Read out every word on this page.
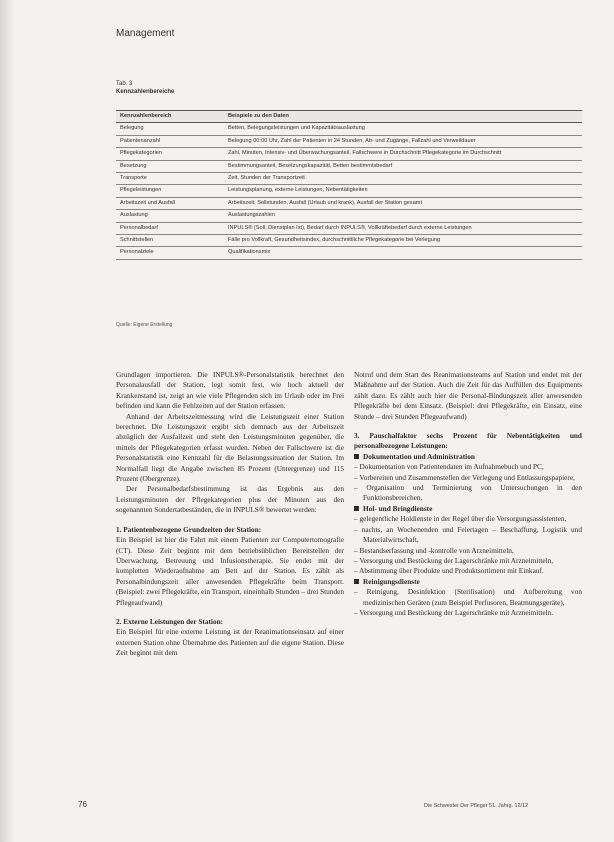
Management
Tab. 3
Kennzahlenbereiche
Kennzahlenbereich	Beispiele zu den Daten
Belegung	Betten, Belegungsleistungen und Kapazitätsauslastung
Patientenanzahl	Belegung 00:00 Uhr, Zahl der Patienten in 24 Stunden, Ab- und Zugänge, Fallzahl und Verweildauer
Pflegekategorien	Zahl, Minuten, Intensiv- und Überwachungsanteil, Fallschwere in Durchschnitt Pflegekategorie im Durchschnitt
Besetzung	Bestimmungsanteil, Besetzungskapazität, Betten bestimmtsbedarf
Transporte	Zeit, Stunden der Transportzeit
Pflegeleistungen	Leistungsplanung, externe Leistungen, Nebentätigkeiten
Arbeitszeit und Ausfall	Arbeitszeit, Sollstunden, Ausfall (Urlaub und krank), Ausfall der Station gesamt
Auslastung	Auslastungszahlen
Personalbedarf	INPULS® (Soll, Dienstplan Ist), Bedarf durch INPULS®, Vollkräftebedarf durch externe Leistungen
Schnittstellen	Fälle pro Vollkraft, Gesundheitsindex, durchschnittliche Pflegekategorie bei Verlegung
Personalziele	Qualifikationsmix
Quelle: Eigene Erstellung

Grundlagen importieren. Die INPULS®-Personalstatistik berechnet den Personalausfall der Station, legt somit fest, wie hoch aktuell der Krankenstand ist, zeigt an wie viele Pflegenden sich im Urlaub oder im Frei befinden und kann die Fehlzeiten auf der Station erfassen.

Anhand der Arbeitszeitmessung wird die Leistungszeit einer Station berechnet. Die Leistungszeit ergibt sich demnach aus der Arbeitszeit abzüglich der Ausfallzeit und steht den Leistungsminuten gegenüber, die mittels der Pflegekategorien erfasst wurden. Neben der Fallschwere ist die Personalstatistik eine Kennzahl für die Belastungssituation der Station. Im Normalfall liegt die Angabe zwischen 85 Prozent (Untergrenze) und 115 Prozent (Obergrenze).

Der Personalbedarfsbestimmung ist das Ergebnis aus den Leistungsminuten der Pflegekategorien plus der Minuten aus den sogenannten Sondertatbeständen, die in INPULS® bewertet werden:

1. Patientenbezogene Grundzeiten der Station:

Ein Beispiel ist hier die Fahrt mit einem Patienten zur Computertomografie (CT). Diese Zeit beginnt mit dem betriebsüblichen Bereitstellen der Überwachung, Betreuung und Infusionstherapie. Sie endet mit der kompletten Wiederaufnahme am Bett auf der Station. Es zählt als Personalbindungszeit aller anwesenden Pflegekräfte beim Transport. (Beispiel: zwei Pflegekräfte, ein Transport, eineinhalb Stunden – drei Stunden Pflegeaufwand)

2. Externe Leistungen der Station:

Ein Beispiel für eine externe Leistung ist der Reanimationseinsatz auf einer externen Station ohne Übernahme des Patienten auf die eigene Station. Diese Zeit beginnt mit dem

Notruf und dem Start des Reanimationsteams auf Station und endet mit der Maßnahme auf der Station. Auch die Zeit für das Auffüllen des Equipments zählt dazu. Es zählt auch hier die Personal-Bindungszeit aller anwesenden Pflegekräfte bei dem Einsatz. (Beispiel: drei Pflegekräfte, ein Einsatz, eine Stunde – drei Stunden Pflegeaufwand)

3. Pauschalfaktor sechs Prozent für Nebentätigkeiten und personalbezogene Leistungen:
Dokumentation und Administration

– Dokumentation von Patientendaten im Aufnahmebuch und PC,

– Vorbereiten und Zusammenstellen der Verlegung und Entlassungspapiere,

– Organisation und Terminierung von Untersuchungen in den Funktionsbereichen,

Hol- und Bringdienste

– gelegentliche Holdienste in der Regel über die Versorgungsassistenten,

– nachts, an Wochenenden und Feiertagen – Beschaffung, Logistik und Materialwirtschaft,

– Bestandserfassung und -kontrolle von Arzneimitteln,

– Versorgung und Bestückung der Lagerschränke mit Arzneimitteln,

– Abstimmung über Produkte und Produktsortiment mit Einkauf.

Reinigungsdienste

– Reinigung, Desinfektion (Sterilisation) und Aufbereitung von medizinischen Geräten (zum Beispiel Perfusoren, Beatmungsgeräte),

– Versorgung und Bestückung der Lagerschränke mit Arzneimitteln.

76	Die Schwester Der Pfleger 51. Jahrg. 12/12
